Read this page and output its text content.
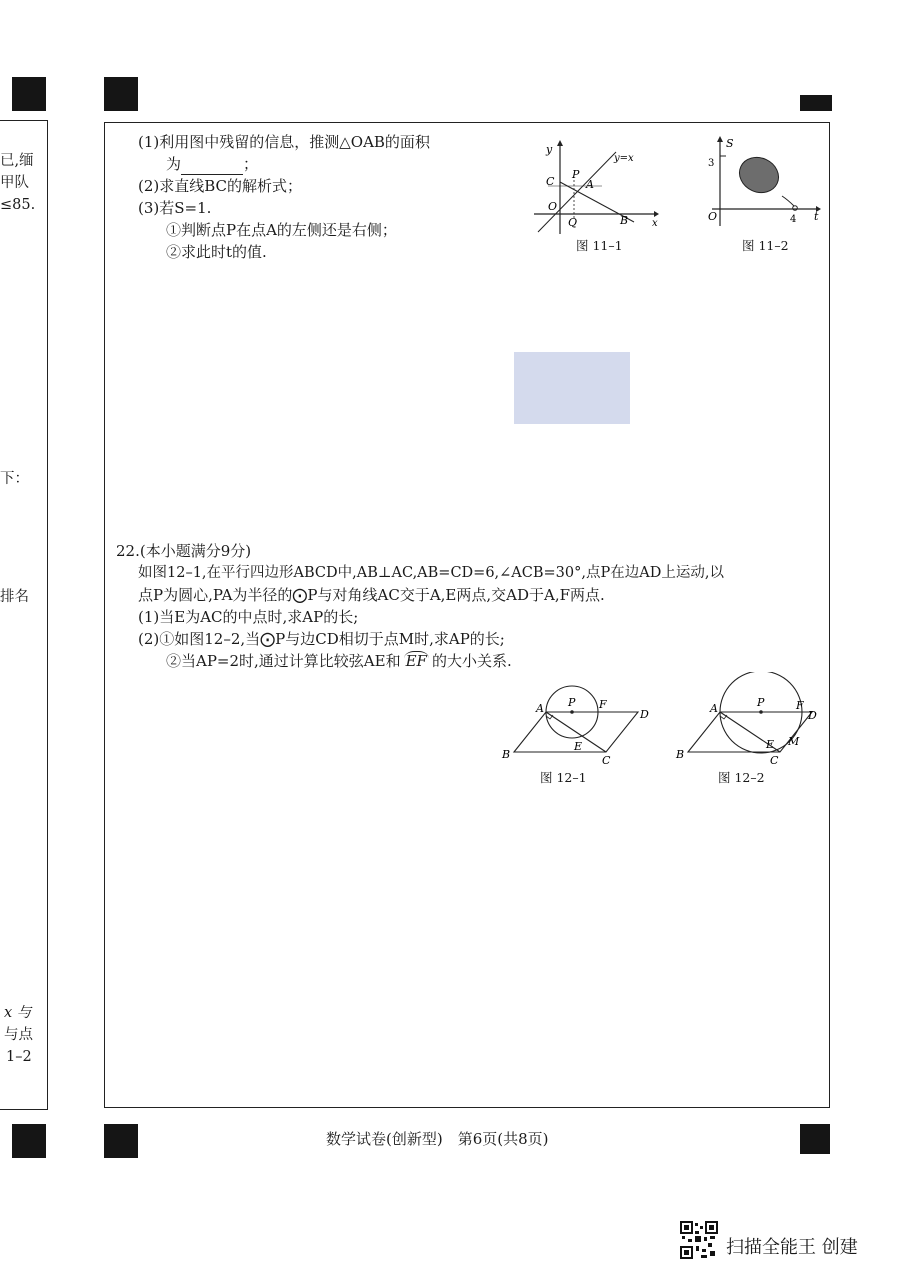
已,缅
甲队
≤85.
下：
排名
x 与
与点
1–2
(1)利用图中残留的信息，推测△OAB的面积
为	；
(2)求直线BC的解析式；
(3)若S=1.
①判断点P在点A的左侧还是右侧；
②求此时t的值.
y
y=x
C
P
A
O
Q	B x
图 11–1
S
3
O	4 t
图 11–2
22.(本小题满分9分)
如图12–1,在平行四边形ABCD中,AB⊥AC,AB=CD=6,∠ACB=30°,点P在边AD上运动,以
点P为圆心,PA为半径的⨀P与对角线AC交于A,E两点,交AD于A,F两点.
(1)当E为AC的中点时,求AP的长;
(2)①如图12–2,当⨀P与边CD相切于点M时,求AP的长;
②当AP=2时,通过计算比较弦AE和 EF 的大小关系.
A P F
D
B
E
C
图 12–1
A	P	F
D
B
E M
C
图 12–2
数学试卷(创新型)　第6页(共8页)
扫描全能王 创建
